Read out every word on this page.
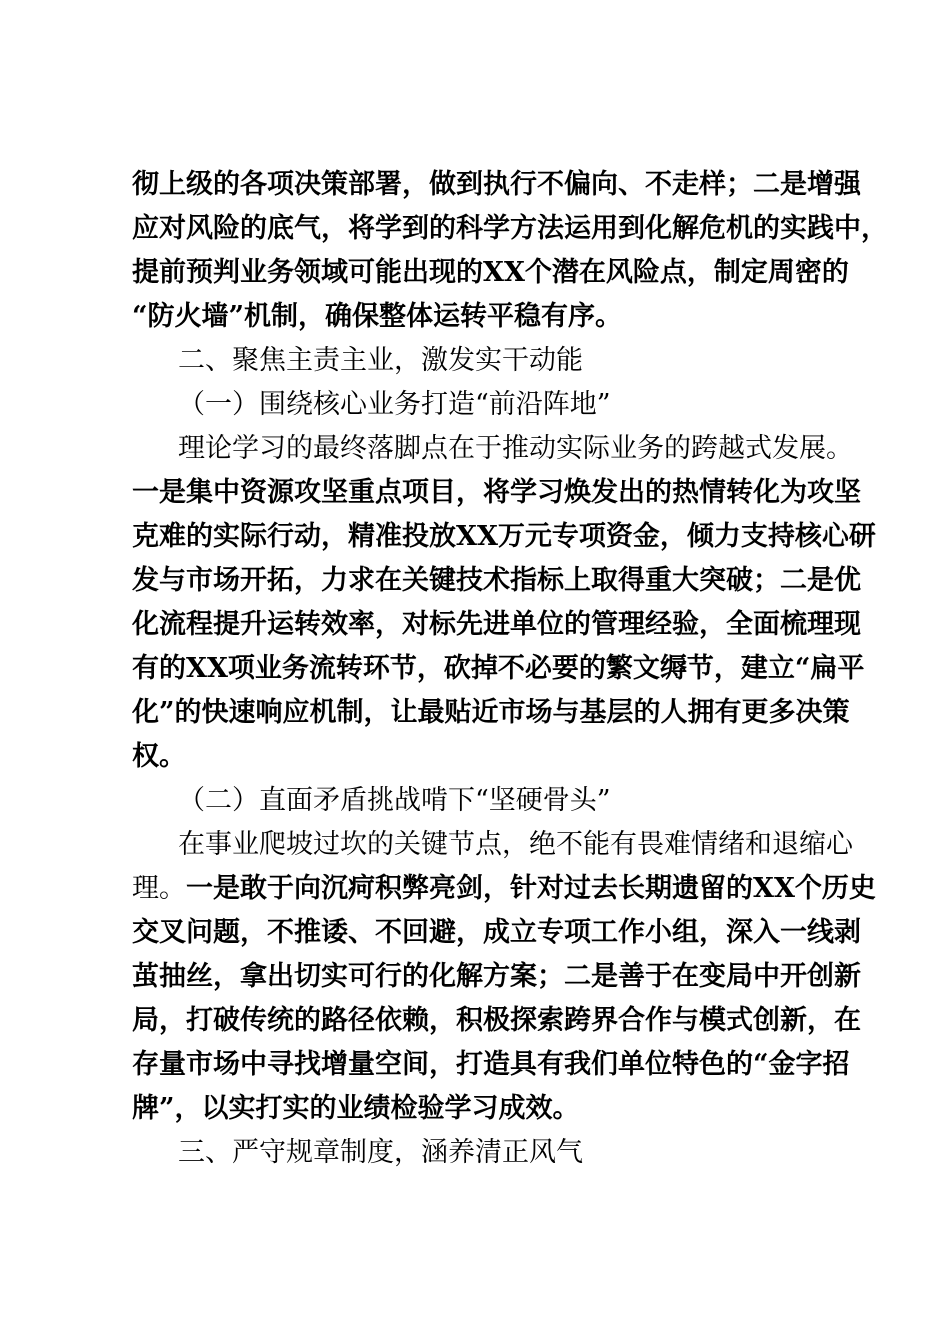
彻上级的各项决策部署，做到执行不偏向、不走样；二是增强
应对风险的底气，将学到的科学方法运用到化解危机的实践中，
提前预判业务领域可能出现的XX个潜在风险点，制定周密的
“防火墙”机制，确保整体运转平稳有序。
二、聚焦主责主业，激发实干动能
（一）围绕核心业务打造“前沿阵地”
理论学习的最终落脚点在于推动实际业务的跨越式发展。
一是集中资源攻坚重点项目，将学习焕发出的热情转化为攻坚
克难的实际行动，精准投放XX万元专项资金，倾力支持核心研
发与市场开拓，力求在关键技术指标上取得重大突破；二是优
化流程提升运转效率，对标先进单位的管理经验，全面梳理现
有的XX项业务流转环节，砍掉不必要的繁文缛节，建立“扁平
化”的快速响应机制，让最贴近市场与基层的人拥有更多决策
权。
（二）直面矛盾挑战啃下“坚硬骨头”
在事业爬坡过坎的关键节点，绝不能有畏难情绪和退缩心
理。一是敢于向沉疴积弊亮剑，针对过去长期遗留的XX个历史
交叉问题，不推诿、不回避，成立专项工作小组，深入一线剥
茧抽丝，拿出切实可行的化解方案；二是善于在变局中开创新
局，打破传统的路径依赖，积极探索跨界合作与模式创新，在
存量市场中寻找增量空间，打造具有我们单位特色的“金字招
牌”，以实打实的业绩检验学习成效。
三、严守规章制度，涵养清正风气
